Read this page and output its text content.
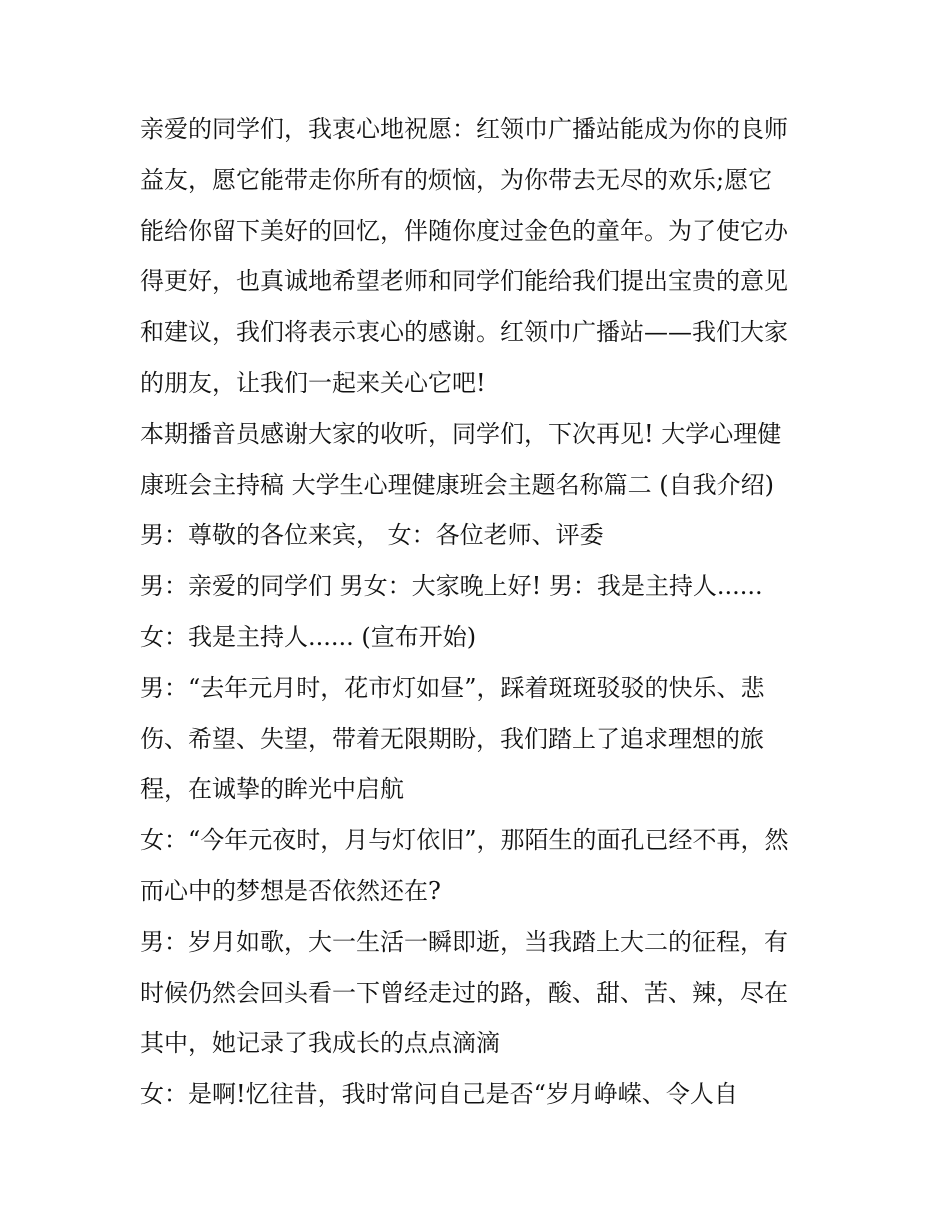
亲爱的同学们，我衷心地祝愿：红领巾广播站能成为你的良师
益友，愿它能带走你所有的烦恼，为你带去无尽的欢乐;愿它
能给你留下美好的回忆，伴随你度过金色的童年。为了使它办
得更好，也真诚地希望老师和同学们能给我们提出宝贵的意见
和建议，我们将表示衷心的感谢。红领巾广播站——我们大家
的朋友，让我们一起来关心它吧!
本期播音员感谢大家的收听，同学们，下次再见! 大学心理健
康班会主持稿 大学生心理健康班会主题名称篇二 (自我介绍)
男：尊敬的各位来宾， 女：各位老师、评委
男：亲爱的同学们 男女：大家晚上好! 男：我是主持人......
女：我是主持人...... (宣布开始)
男：“去年元月时，花市灯如昼”，踩着斑斑驳驳的快乐、悲
伤、希望、失望，带着无限期盼，我们踏上了追求理想的旅
程，在诚挚的眸光中启航
女：“今年元夜时，月与灯依旧”，那陌生的面孔已经不再，然
而心中的梦想是否依然还在?
男：岁月如歌，大一生活一瞬即逝，当我踏上大二的征程，有
时候仍然会回头看一下曾经走过的路，酸、甜、苦、辣，尽在
其中，她记录了我成长的点点滴滴
女：是啊!忆往昔，我时常问自己是否“岁月峥嵘、令人自
